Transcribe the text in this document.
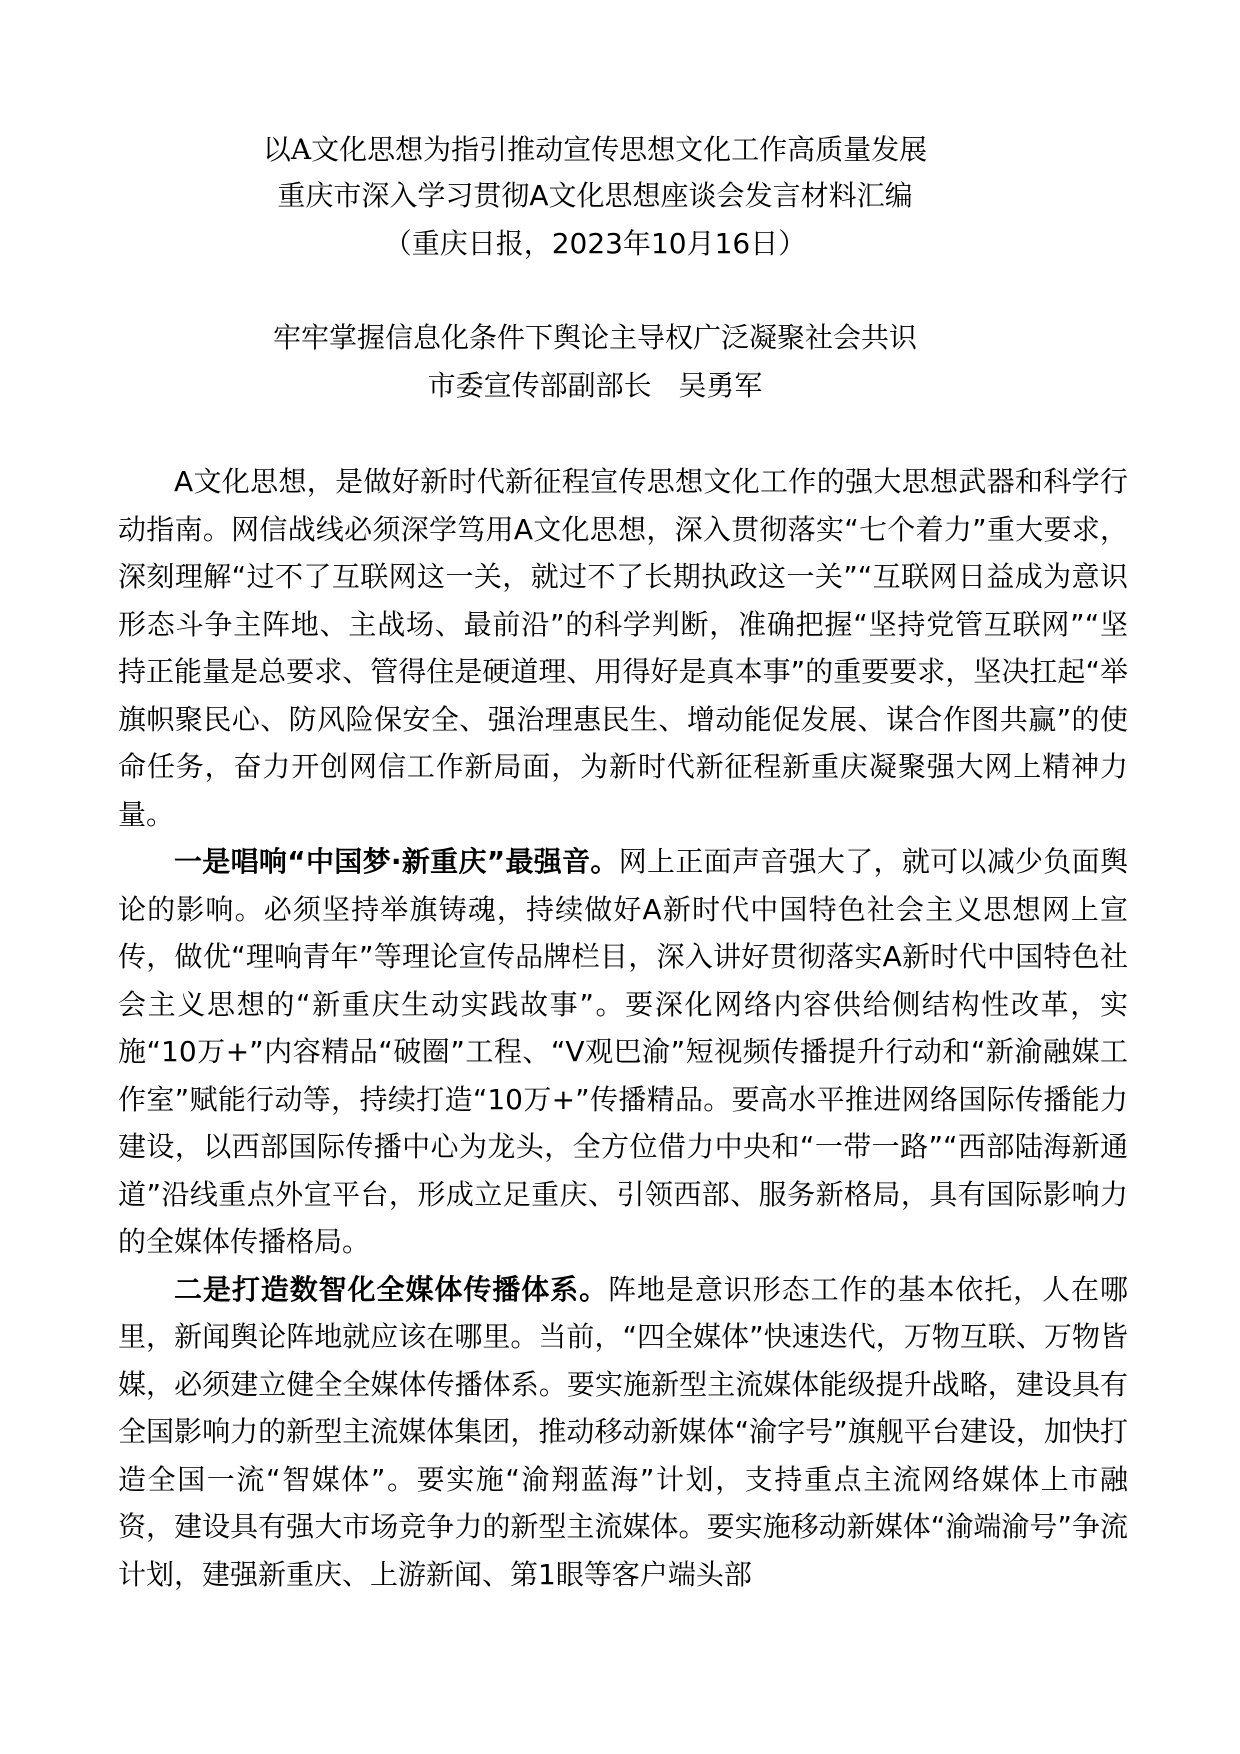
以A文化思想为指引推动宣传思想文化工作高质量发展
重庆市深入学习贯彻A文化思想座谈会发言材料汇编
（重庆日报，2023年10月16日）
牢牢掌握信息化条件下舆论主导权广泛凝聚社会共识
市委宣传部副部长   吴勇军

A文化思想，是做好新时代新征程宣传思想文化工作的强大思想武器和科学行动指南。网信战线必须深学笃用A文化思想，深入贯彻落实“七个着力”重大要求，深刻理解“过不了互联网这一关，就过不了长期执政这一关”“互联网日益成为意识形态斗争主阵地、主战场、最前沿”的科学判断，准确把握“坚持党管互联网”“坚持正能量是总要求、管得住是硬道理、用得好是真本事”的重要要求，坚决扛起“举旗帜聚民心、防风险保安全、强治理惠民生、增动能促发展、谋合作图共赢”的使命任务，奋力开创网信工作新局面，为新时代新征程新重庆凝聚强大网上精神力量。

一是唱响“中国梦·新重庆”最强音。网上正面声音强大了，就可以减少负面舆论的影响。必须坚持举旗铸魂，持续做好A新时代中国特色社会主义思想网上宣传，做优“理响青年”等理论宣传品牌栏目，深入讲好贯彻落实A新时代中国特色社会主义思想的“新重庆生动实践故事”。要深化网络内容供给侧结构性改革，实施“10万+”内容精品“破圈”工程、“V观巴渝”短视频传播提升行动和“新渝融媒工作室”赋能行动等，持续打造“10万+”传播精品。要高水平推进网络国际传播能力建设，以西部国际传播中心为龙头，全方位借力中央和“一带一路”“西部陆海新通道”沿线重点外宣平台，形成立足重庆、引领西部、服务新格局，具有国际影响力的全媒体传播格局。

二是打造数智化全媒体传播体系。阵地是意识形态工作的基本依托，人在哪里，新闻舆论阵地就应该在哪里。当前，“四全媒体”快速迭代，万物互联、万物皆媒，必须建立健全全媒体传播体系。要实施新型主流媒体能级提升战略，建设具有全国影响力的新型主流媒体集团，推动移动新媒体“渝字号”旗舰平台建设，加快打造全国一流“智媒体”。要实施“渝翔蓝海”计划，支持重点主流网络媒体上市融资，建设具有强大市场竞争力的新型主流媒体。要实施移动新媒体“渝端渝号”争流计划，建强新重庆、上游新闻、第1眼等客户端头部
